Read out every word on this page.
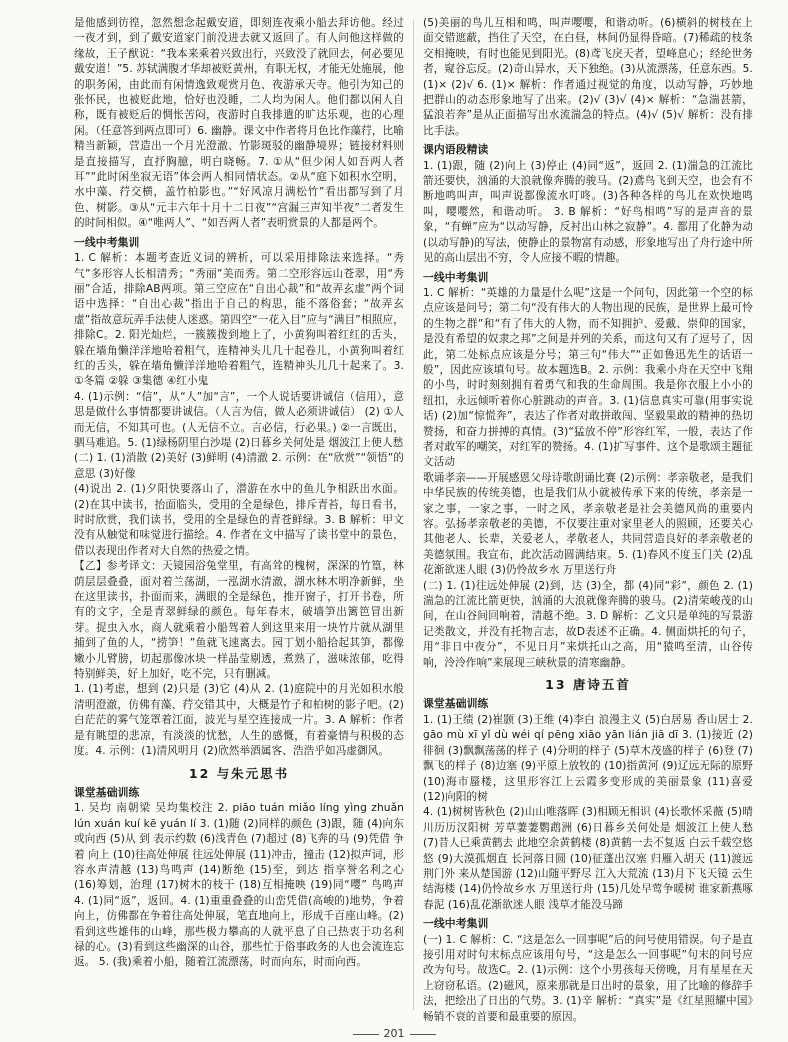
是他感到彷徨，忽然想念起戴安道，即刻连夜乘小船去拜访他。经过一夜才到，到了戴安道家门前没进去就又返回了。有人问他这样做的缘故，王子猷说：“我本来乘着兴致出行，兴致没了就回去，何必要见戴安道！”5. 苏轼满腹才华却被贬黄州，有职无权，才能无处施展，他的职务闲，由此而有闲情逸致观赏月色、夜游承天寺。他引为知己的张怀民，也被贬此地，恰好也没睡，二人均为闲人。他们都以闲人自称，既有被贬后的惆怅苦闷，夜游时自我排遣的旷达乐观，也的心理闲。（任意答到两点即可）6. 幽静。课文中作者将月色比作藻荇，比喻精当新颖，营造出一个月光澄澈、竹影斑驳的幽静境界；链接材料则是直接描写，直抒胸臆，明白晓畅。7. ①从“但少闲人如吾两人者耳”“此时闲坐寂无语”体会两人相同情状态。②从“庭下如积水空明，水中藻、荇交横，盖竹柏影也。”“好风凉月满松竹”看出都写到了月色、树影。③从“元丰六年十月十二日夜”“宫漏三声知半夜”二者发生的时间相似。④“唯两人”、“如吾两人者”表明赏景的人都是两个。

一线中考集训

1. C 解析：本题考查近义词的辨析，可以采用排除法来选择。“秀气”多形容人长相清秀；“秀丽”美而秀。第二空形容远山苍翠，用“秀丽”合适，排除AB两项。第三空应在“自出心裁”和“故弄玄虚”两个词语中选择：“自出心裁”指出于自己的构思，能不落俗套；“故弄玄虚”指故意玩弄手法使人迷惑。第四空“一花入目”应与“满目”相照应，排除C。2. 阳光灿烂，一簇簇拨到地上了，小黄狗叫着红红的舌头，躲在墙角懒洋洋地哈着粗气，连精神头儿几十起卷儿，小黄狗叫着红红的舌头，躲在墙角懒洋洋地哈着粗气，连精神头儿几十起来了。3. ①冬篇 ②躲 ③集德 ④红小鬼

4. (1)示例：“信”，从“人”加“言”，一个人说话要讲诚信（信用），意思是做什么事情都要讲诚信。（人言为信，做人必须讲诚信） (2) ①人而无信，不知其可也。(人无信不立。言必信，行必果。) ②一言既出，驷马难追。5. (1)绿杨阴里白沙堤 (2)日暮乡关何处是 烟波江上使人愁

(二) 1. (1)消散 (2)美好 (3)鲜明 (4)清澈 2. 示例：在“欣赏”“领悟”的意思 (3)好像

(4)说出 2. (1)夕阳快要落山了，潜游在水中的鱼儿争相跃出水面。(2)在其中读书，抬面临头，受用的全是绿色，排斥青苔，每日看书，时时欣赏，我们读书，受用的全是绿色的青苍鲜绿。3. B 解析：甲文没有从触觉和味觉进行描绘。4. 作者在文中描写了读书堂中的景色，借以表现出作者对大自然的热爱之情。

【乙】参考译文：天镜园浴兔堂里，有高耸的槐树，深深的竹篁，林荫层层叠叠，面对着兰荡湖，一泓湖水清澈，湖水林木明净新鲜，坐在这里读书，扑面而来，满眼的全是绿色，推开窗子，打开书卷，所有的文字，全是青翠鲜绿的颜色。每年春末，破墙笋出篱笆冒出新芽。捉虫入水，商人就乘着小船驾着人到这里来用一块竹片就从湖里捕到了鱼的人，“捞笋！”鱼就飞速离去。园丁划小船拾起其笋，都像嫩小儿臂膀，切起那像冰块一样晶莹剔透，煮熟了，滋味浓郁，吃得特别鲜美，好上加好，吃不完，只有删减。

1. (1)考虑，想到 (2)只是 (3)它 (4)从 2. (1)庭院中的月光如积水般清明澄澈，仿佛有藻、荇交错其中，大概是竹子和柏树的影子吧。(2)白茫茫的雾气笼罩着江面，波光与星空连接成一片。3. A 解析：作者是有眺望的悲凉，有淡淡的忧愁，人生的感慨，有着豪情与积极的态度。4. 示例：(1)清风明月 (2)欣然举酒属客、浩浩乎如冯虚御风。

12 与朱元思书
课堂基础训练

1. 吴均 南朝梁 吴均集校注 2. piāo tuán miǎo líng yìng zhuǎn lún xuán kuí kē yuán lí 3. (1)随 (2)同样的颜色 (3)跟，随 (4)向东或向西 (5)从 到 表示约数 (6)浅青色 (7)超过 (8)飞奔的马 (9)凭借 争着 向上 (10)往高处伸展 往远处伸展 (11)冲击，撞击 (12)拟声词，形容水声清越 (13)鸟鸣声 (14)断绝 (15)至，到达 指享誉名利之心 (16)筹划，治理 (17)树木的枝干 (18)互相掩映 (19)同“嘤” 鸟鸣声 4. (1)同“返”，返回。4. (1)重重叠叠的山峦凭借(高峻的)地势，争着向上，仿佛都在争着往高处伸展，笔直地向上，形成千百座山峰。(2)看到这些雄伟的山峰，那些极力攀高的人就平息了自己热衷于功名利禄的心。(3)看到这些幽深的山谷，那些忙于俗事政务的人也会流连忘返。 5. (我)乘着小船，随着江流漂荡，时而向东，时而向西。

(5)美丽的鸟儿互相和鸣，叫声嘤嘤，和谐动听。(6)横斜的树枝在上面交错遮蔽，挡住了天空，在白昼，林间仍显得昏暗。(7)稀疏的枝条交相掩映，有时也能见到阳光。(8)鸢飞戾天者，望峰息心；经纶世务者，窥谷忘反。(2)奇山异水，天下独绝。(3)从流漂荡，任意东西。5. (1)× (2)√ 6. (1)× 解析：作者通过视觉的角度，以动写静，巧妙地把群山的动态形象地写了出来。(2)√ (3)√ (4)× 解析：“急湍甚箭，猛浪若奔”是从正面描写出水流湍急的特点。(4)√ (5)√ 解析：没有排比手法。

课内语段精读

1. (1)跟，随 (2)向上 (3)停止 (4)同“返”，返回 2. (1)湍急的江流比箭还要快，汹涌的大浪就像奔腾的骏马。(2)鳶鸟飞到天空，也会有不断地鸣叫声，叫声说都像流水叮咚。(3)各种各样的鸟儿在欢快地鸣叫，嘤嘤然，和谐动听。 3. B 解析：“好鸟相鸣”写的是声音的景象，“有蝉”应为“以动写静，反衬出山林之寂静”。4. 都用了化静为动(以动写静)的写法，使静止的景物富有动感，形象地写出了舟行途中所见的高山层出不穷，令人应接不暇的情趣。

一线中考集训

1. C 解析：“英雄的力量是什么呢”这是一个问句，因此第一个空的标点应该是问号；第二句“没有伟大的人物出现的民族，是世界上最可怜的生物之群”和“有了伟大的人物，而不知拥护、爱戴、崇仰的国家，是没有希望的奴隶之邦”之间是并列的关系，而这句又有了逗号了，因此，第二处标点应该是分号；第三句“伟大”“正如鲁迅先生的话语一般”，因此应该填句号。故本题选B。2. 示例：我乘小舟在天空中飞翔的小鸟，时时刻刻拥有着勇气和我的生命周围。我是你衣服上小小的纽扣，永远倾听着你心脏跳动的声音。3. (1)信息真实可靠(用事实说话) (2)加“惊慌奔”，表达了作者对敢拼敢闯、坚毅果敢的精神的热切赞扬，和奋力拼搏的真情。(3)“猛放不停”形容红军，一般，表达了作者对敢军的嘲笑，对红军的赞扬。4. (1)扩写事件、这个是歌颂主题征文活动

歌诵孝亲——开展感恩父母诗歌朗诵比赛 (2)示例：孝亲敬老，是我们中华民族的传统美德，也是我们从小就被传承下来的传统，孝亲是一家之事，一家之事，一时之风，孝亲敬老是社会美德风尚的重要内容。弘扬孝亲敬老的美德，不仅要注重对家里老人的照顾，还要关心其他老人、长辈，关爱老人，孝敬老人，共同营造良好的孝亲敬老的美德氛围。我宣布，此次活动圆满结束。5. (1)春风不度玉门关 (2)乱花渐欲迷人眼 (3)仍怜故乡水 万里送行舟

(二) 1. (1)往远处伸展 (2)到，达 (3)全，都 (4)同“彩”，颜色 2. (1)湍急的江流比箭更快，汹涌的大浪就像奔腾的骏马。(2)清荣峻茂的山间，在山谷间回响着，清越不绝。3. D 解析：乙文只是单纯的写景游记类散文，并没有托物言志，故D表述不正确。4. 侧面烘托的句子，用“非日中夜分”，不见日月”来烘托山之高，用“猿鸣至清，山谷传响，泠泠作响”来展现三峡秋景的清寒幽静。

13 唐诗五首
课堂基础训练

1. (1)王绩 (2)崔颢 (3)王维 (4)李白 浪漫主义 (5)白居易 香山居士 2. gāo mù xī yǐ dù wéi qí pēng xiāo yān lián jiā dī 3. (1)接近 (2)徘徊 (3)飘飘荡荡的样子 (4)分明的样子 (5)草木茂盛的样子 (6)登 (7)飘飞的样子 (8)边塞 (9)平原上放牧的 (10)指黄河 (9)辽远无际的原野 (10)海市蜃楼，这里形容江上云霞多变形成的美丽景象 (11)喜爱 (12)向阳的树

4. (1)树树皆秋色 (2)山山唯落晖 (3)相顾无相识 (4)长歌怀采薇 (5)晴川历历汉阳树 芳草萋萋鹦鹉洲 (6)日暮乡关何处是 烟波江上使人愁 (7)昔人已乘黄鹤去 此地空余黄鹤楼 (8)黄鹤一去不复返 白云千载空悠悠 (9)大漠孤烟直 长河落日圆 (10)征蓬出汉塞 归雁入胡天 (11)渡远荆门外 来从楚国游 (12)山随平野尽 江入大荒流 (13)月下飞天镜 云生结海楼 (14)仍怜故乡水 万里送行舟 (15)几处早莺争暖树 谁家新燕啄春泥 (16)乱花渐欲迷人眼 浅草才能没马蹄

一线中考集训

(一) 1. C 解析：C. “这是怎么一回事呢”后的问号使用错误。句子是直接引用对时句末标点应该用句号，“这是怎么一回事呢”句末的问号应改为句号。故选C。2. (1)示例：这个小男孩每天傍晚，月有星星在天上窃窃私语。(2)磁风，原来那就是日出时的景象，用了比喻的修辞手法，把绘出了日出的气势。3. (1)辛 解析：“真实”是《红星照耀中国》畅销不衰的首要和最重要的原因。

201
